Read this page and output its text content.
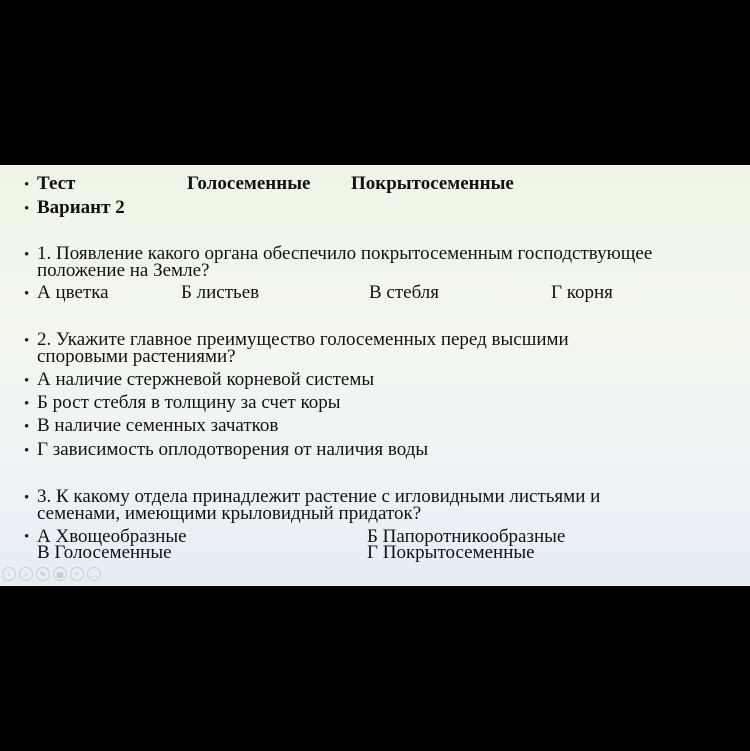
• Тест	Голосеменные Покрытосеменные
• Вариант 2
• 1. Появление какого органа обеспечило покрытосеменным господствующее
положение на Земле?
• А цветка	Б листьев	В стебля	Г корня
• 2. Укажите главное преимущество голосеменных перед высшими
споровыми растениями?
• А наличие стержневой корневой системы
• Б рост стебля в толщину за счет коры
• В наличие семенных зачатков
• Г зависимость оплодотворения от наличия воды
• 3. К какому отдела принадлежит растение с игловидными листьями и
семенами, имеющими крыловидный придаток?
• А Хвощеобразные	Б Папоротникообразные
В Голосеменные	Г Покрытосеменные
‹	›	✎	▦	⌕	…
